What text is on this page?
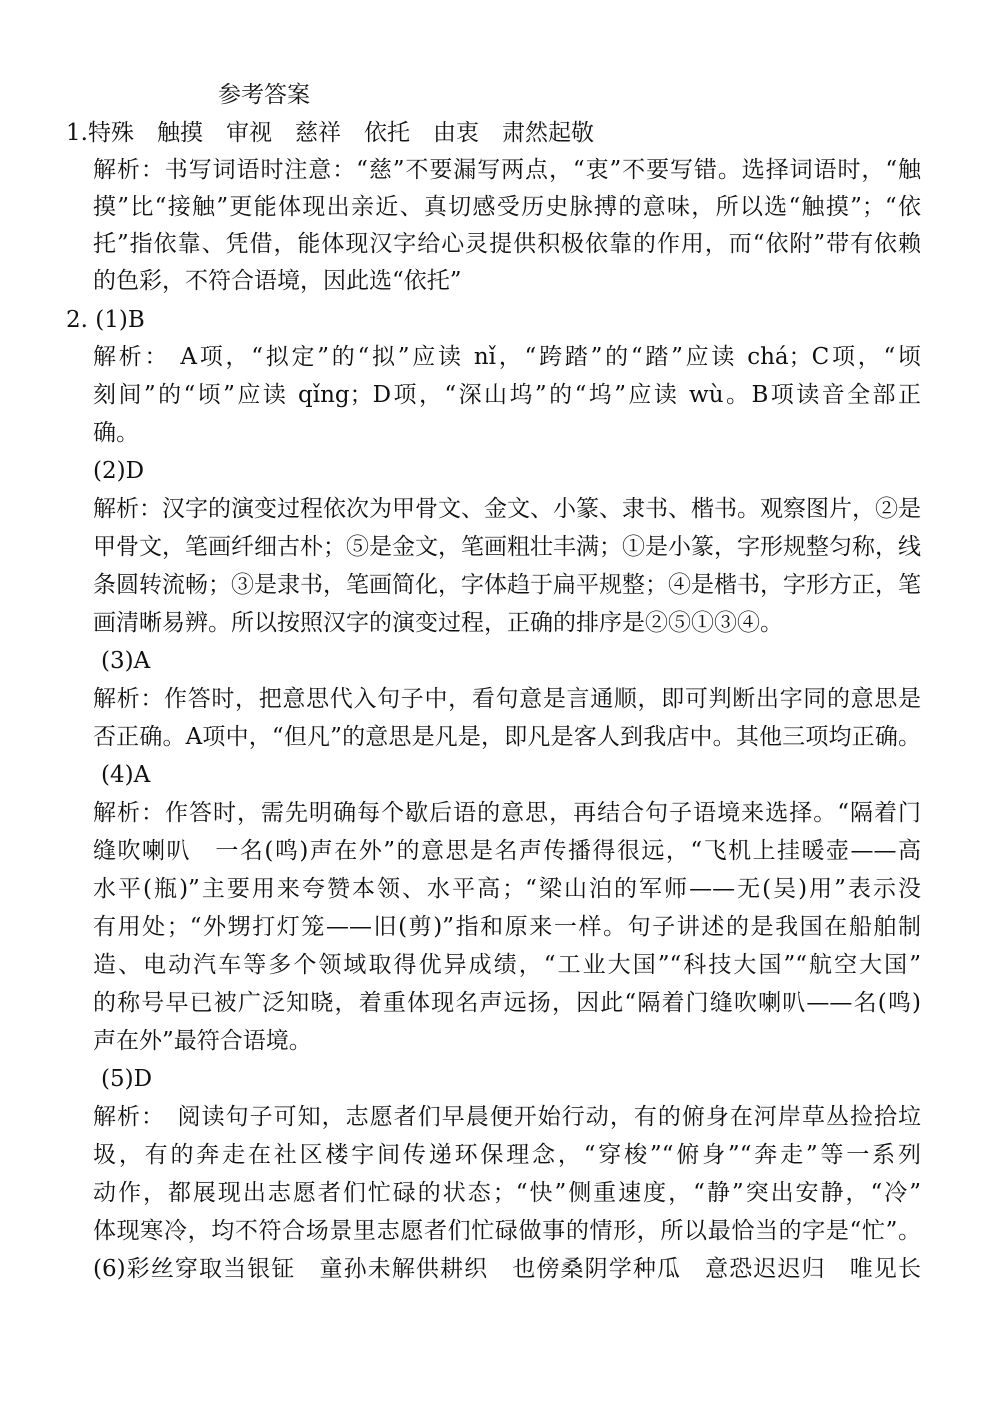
参考答案
1.特殊　触摸　审视　慈祥　依托　由衷　肃然起敬
解析：书写词语时注意：“慈”不要漏写两点，“衷”不要写错。选择词语时，“触
摸”比“接触”更能体现出亲近、真切感受历史脉搏的意味，所以选“触摸”；“依
托”指依靠、凭借，能体现汉字给心灵提供积极依靠的作用，而“依附”带有依赖
的色彩，不符合语境，因此选“依托”
2. (1)B
解析： A项，“拟定”的“拟”应读 nǐ，“跨踏”的“踏”应读 chá；C项，“顷
刻间”的“顷”应读 qǐng；D项，“深山坞”的“坞”应读 wù。B项读音全部正
确。
(2)D
解析：汉字的演变过程依次为甲骨文、金文、小篆、隶书、楷书。观察图片，②是
甲骨文，笔画纤细古朴；⑤是金文，笔画粗壮丰满；①是小篆，字形规整匀称，线
条圆转流畅；③是隶书，笔画简化，字体趋于扁平规整；④是楷书，字形方正，笔
画清晰易辨。所以按照汉字的演变过程，正确的排序是②⑤①③④。
(3)A
解析：作答时，把意思代入句子中，看句意是言通顺，即可判断出字同的意思是
否正确。A项中，“但凡”的意思是凡是，即凡是客人到我店中。其他三项均正确。
(4)A
解析：作答时，需先明确每个歇后语的意思，再结合句子语境来选择。“隔着门
缝吹喇叭　一名(鸣)声在外”的意思是名声传播得很远，“飞机上挂暖壶——高
水平(瓶)”主要用来夸赞本领、水平高；“梁山泊的军师——无(吴)用”表示没
有用处；“外甥打灯笼——旧(剪)”指和原来一样。句子讲述的是我国在船舶制
造、电动汽车等多个领域取得优异成绩，“工业大国”“科技大国”“航空大国”
的称号早已被广泛知晓，着重体现名声远扬，因此“隔着门缝吹喇叭——名(鸣)
声在外”最符合语境。
(5)D
解析：　阅读句子可知，志愿者们早晨便开始行动，有的俯身在河岸草丛捡拾垃
圾，有的奔走在社区楼宇间传递环保理念，“穿梭”“俯身”“奔走”等一系列
动作，都展现出志愿者们忙碌的状态；“快”侧重速度，“静”突出安静，“冷”
体现寒冷，均不符合场景里志愿者们忙碌做事的情形，所以最恰当的字是“忙”。
(6)彩丝穿取当银钲　童孙未解供耕织　也傍桑阴学种瓜　意恐迟迟归　唯见长
